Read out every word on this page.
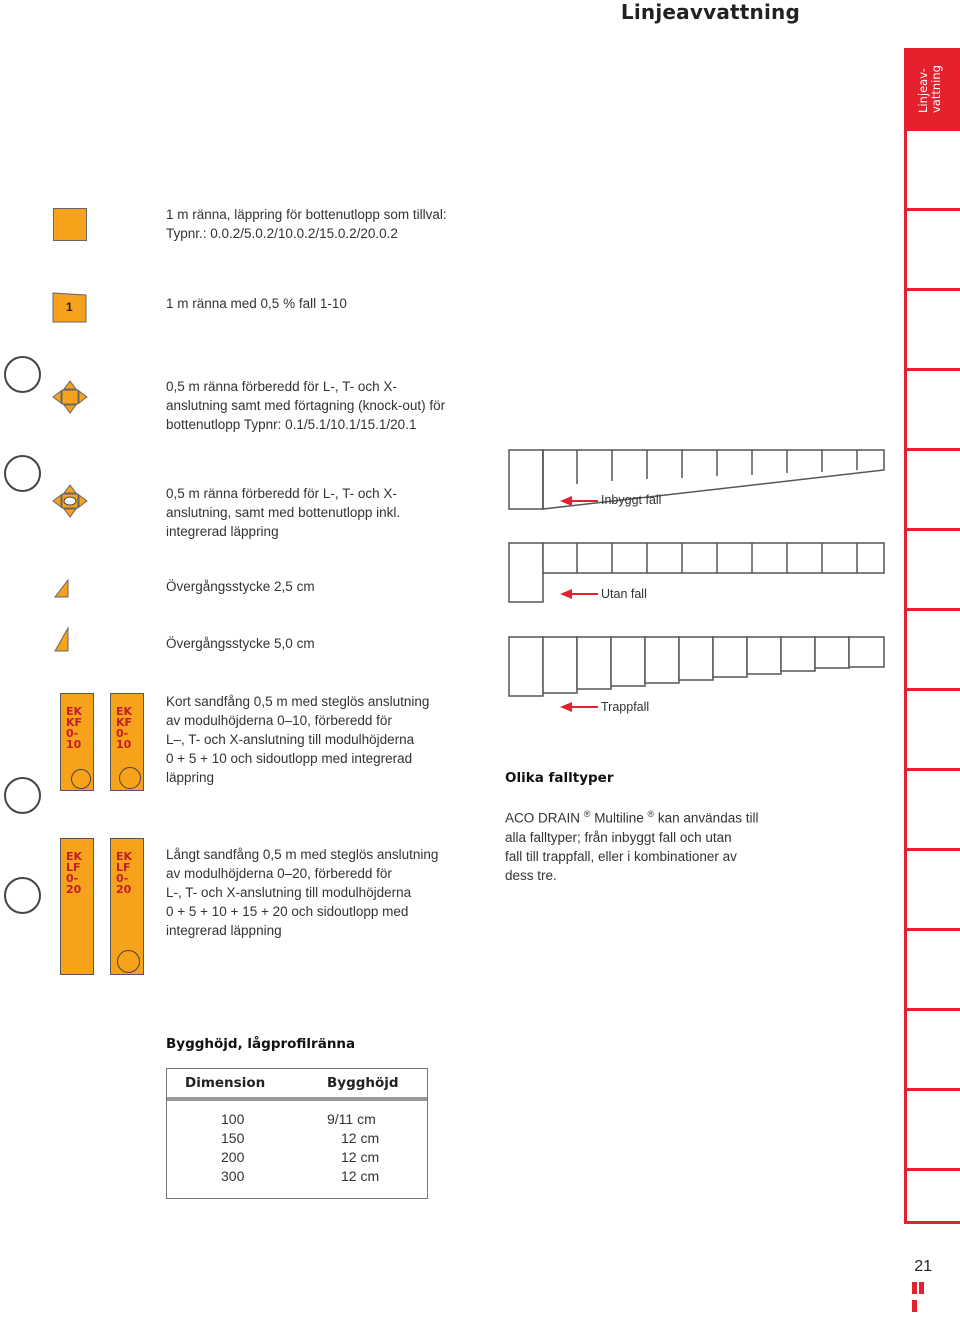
Linjeavvattning
Linjeav- vattning
1 m ränna, läppring för bottenutlopp som tillval:
Typnr.: 0.0.2/5.0.2/10.0.2/15.0.2/20.0.2
1	1 m ränna med 0,5 % fall 1-10
0,5 m ränna förberedd för L-, T- och X-
anslutning samt med förtagning (knock-out) för
bottenutlopp Typnr: 0.1/5.1/10.1/15.1/20.1
0,5 m ränna förberedd för L-, T- och X-
anslutning, samt med bottenutlopp inkl.
integrerad läppring
Övergångsstycke 2,5 cm
Övergångsstycke 5,0 cm
EK
KF
0-10
EK
KF
0-10
Kort sandfång 0,5 m med steglös anslutning
av modulhöjderna 0–10, förberedd för
L–, T- och X-anslutning till modulhöjderna
0 + 5 + 10 och sidoutlopp med integrerad
läppring
EK
LF
0-20
EK
LF
0-20
Långt sandfång 0,5 m med steglös anslutning
av modulhöjderna 0–20, förberedd för
L-, T- och X-anslutning till modulhöjderna
0 + 5 + 10 + 15 + 20 och sidoutlopp med
integrerad läppning
Inbyggt fall
Utan fall
Trappfall
Olika falltyper
ACO DRAIN ® Multiline ® kan användas till
alla falltyper; från inbyggt fall och utan
fall till trappfall, eller i kombinationer av
dess tre.
Bygghöjd, lågprofilränna
Dimension	Bygghöjd
100	9/11 cm
150	12 cm
200	12 cm
300	12 cm
21
